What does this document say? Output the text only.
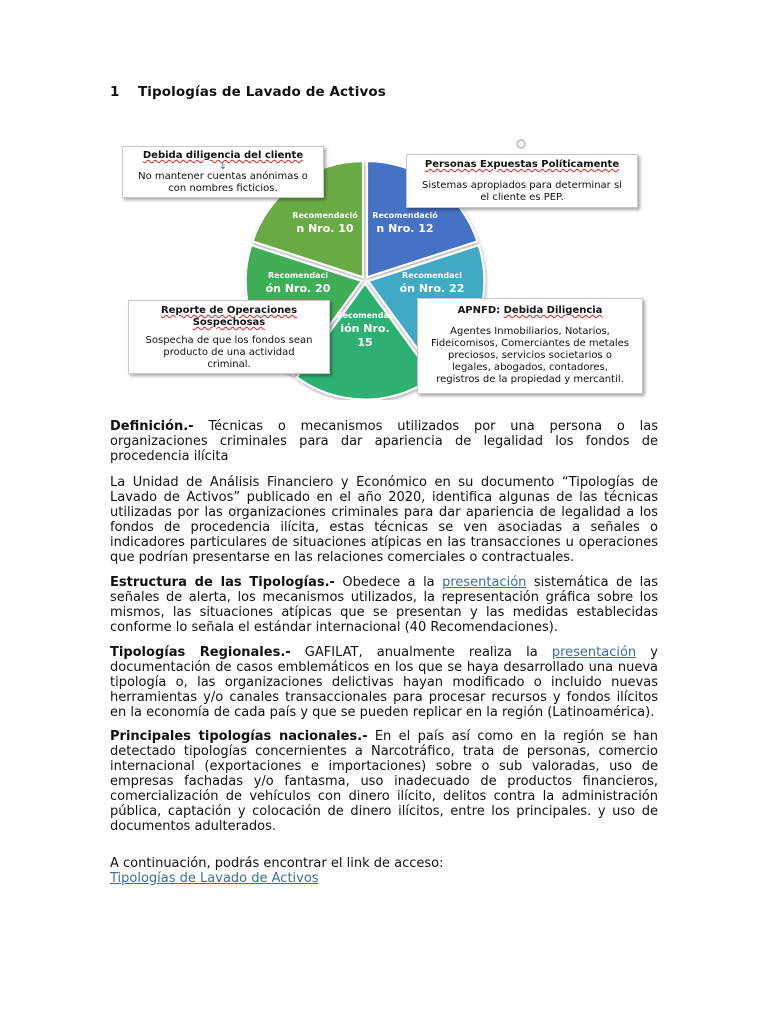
1 Tipologías de Lavado de Activos
Recomendació n Nro. 12
Recomendaci ón Nro. 22
Recomendac ión Nro. 15
Recomendaci ón Nro. 20
Recomendació n Nro. 10
Debida diligencia del cliente
↓
No mantener cuentas anónimas o
con nombres ficticios.
Personas Expuestas Políticamente
Sistemas apropiados para determinar si
el cliente es PEP.
Reporte de Operaciones
Sospechosas
Sospecha de que los fondos sean
producto de una actividad
criminal.
APNFD: Debida Diligencia
Agentes Inmobiliarios, Notarios,
Fideicomisos, Comerciantes de metales
preciosos, servicios societarios o
legales, abogados, contadores,
registros de la propiedad y mercantil.
Definición.- Técnicas o mecanismos utilizados por una persona o las organizaciones criminales para dar apariencia de legalidad los fondos de procedencia ilícita
La Unidad de Análisis Financiero y Económico en su documento “Tipologías de Lavado de Activos” publicado en el año 2020, identifica algunas de las técnicas utilizadas por las organizaciones criminales para dar apariencia de legalidad a los fondos de procedencia ilícita, estas técnicas se ven asociadas a señales o indicadores particulares de situaciones atípicas en las transacciones u operaciones que podrían presentarse en las relaciones comerciales o contractuales.
Estructura de las Tipologías.- Obedece a la presentación sistemática de las señales de alerta, los mecanismos utilizados, la representación gráfica sobre los mismos, las situaciones atípicas que se presentan y las medidas establecidas conforme lo señala el estándar internacional (40 Recomendaciones).
Tipologías Regionales.- GAFILAT, anualmente realiza la presentación y documentación de casos emblemáticos en los que se haya desarrollado una nueva tipología o, las organizaciones delictivas hayan modificado o incluido nuevas herramientas y/o canales transaccionales para procesar recursos y fondos ilícitos en la economía de cada país y que se pueden replicar en la región (Latinoamérica).
Principales tipologías nacionales.- En el país así como en la región se han detectado tipologías concernientes a Narcotráfico, trata de personas, comercio internacional (exportaciones e importaciones) sobre o sub valoradas, uso de empresas fachadas y/o fantasma, uso inadecuado de productos financieros, comercialización de vehículos con dinero ilícito, delitos contra la administración pública, captación y colocación de dinero ilícitos, entre los principales. y uso de documentos adulterados.
A continuación, podrás encontrar el link de acceso:
Tipologías de Lavado de Activos
